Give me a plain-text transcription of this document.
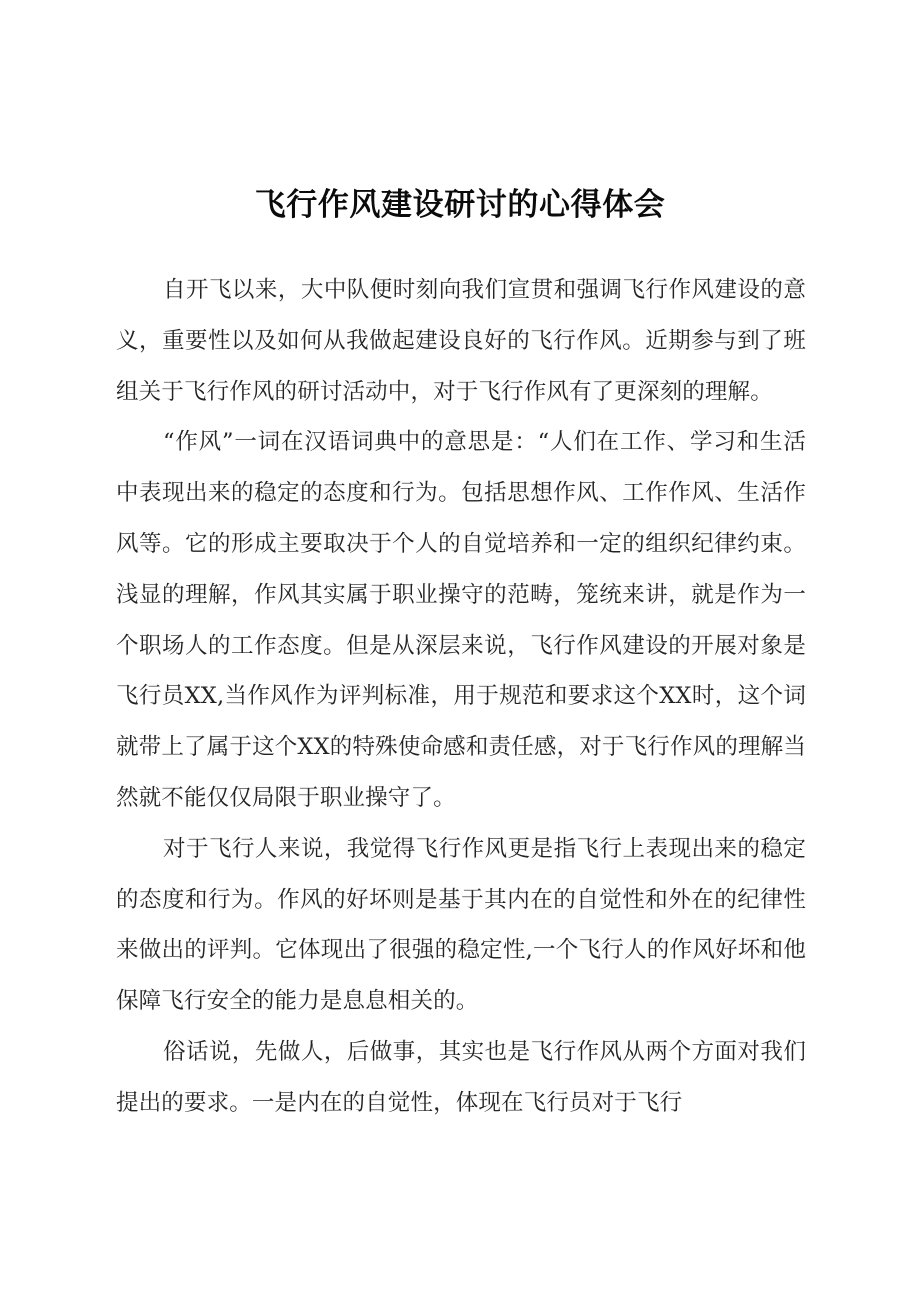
飞行作风建设研讨的心得体会

自开飞以来，大中队便时刻向我们宣贯和强调飞行作风建设的意义，重要性以及如何从我做起建设良好的飞行作风。近期参与到了班组关于飞行作风的研讨活动中，对于飞行作风有了更深刻的理解。

“作风”一词在汉语词典中的意思是：“人们在工作、学习和生活中表现出来的稳定的态度和行为。包括思想作风、工作作风、生活作风等。它的形成主要取决于个人的自觉培养和一定的组织纪律约束。浅显的理解，作风其实属于职业操守的范畴，笼统来讲，就是作为一个职场人的工作态度。但是从深层来说，飞行作风建设的开展对象是飞行员XX,当作风作为评判标准，用于规范和要求这个XX时，这个词就带上了属于这个XX的特殊使命感和责任感，对于飞行作风的理解当然就不能仅仅局限于职业操守了。

对于飞行人来说，我觉得飞行作风更是指飞行上表现出来的稳定的态度和行为。作风的好坏则是基于其内在的自觉性和外在的纪律性来做出的评判。它体现出了很强的稳定性,一个飞行人的作风好坏和他保障飞行安全的能力是息息相关的。

俗话说，先做人，后做事，其实也是飞行作风从两个方面对我们提出的要求。一是内在的自觉性，体现在飞行员对于飞行
